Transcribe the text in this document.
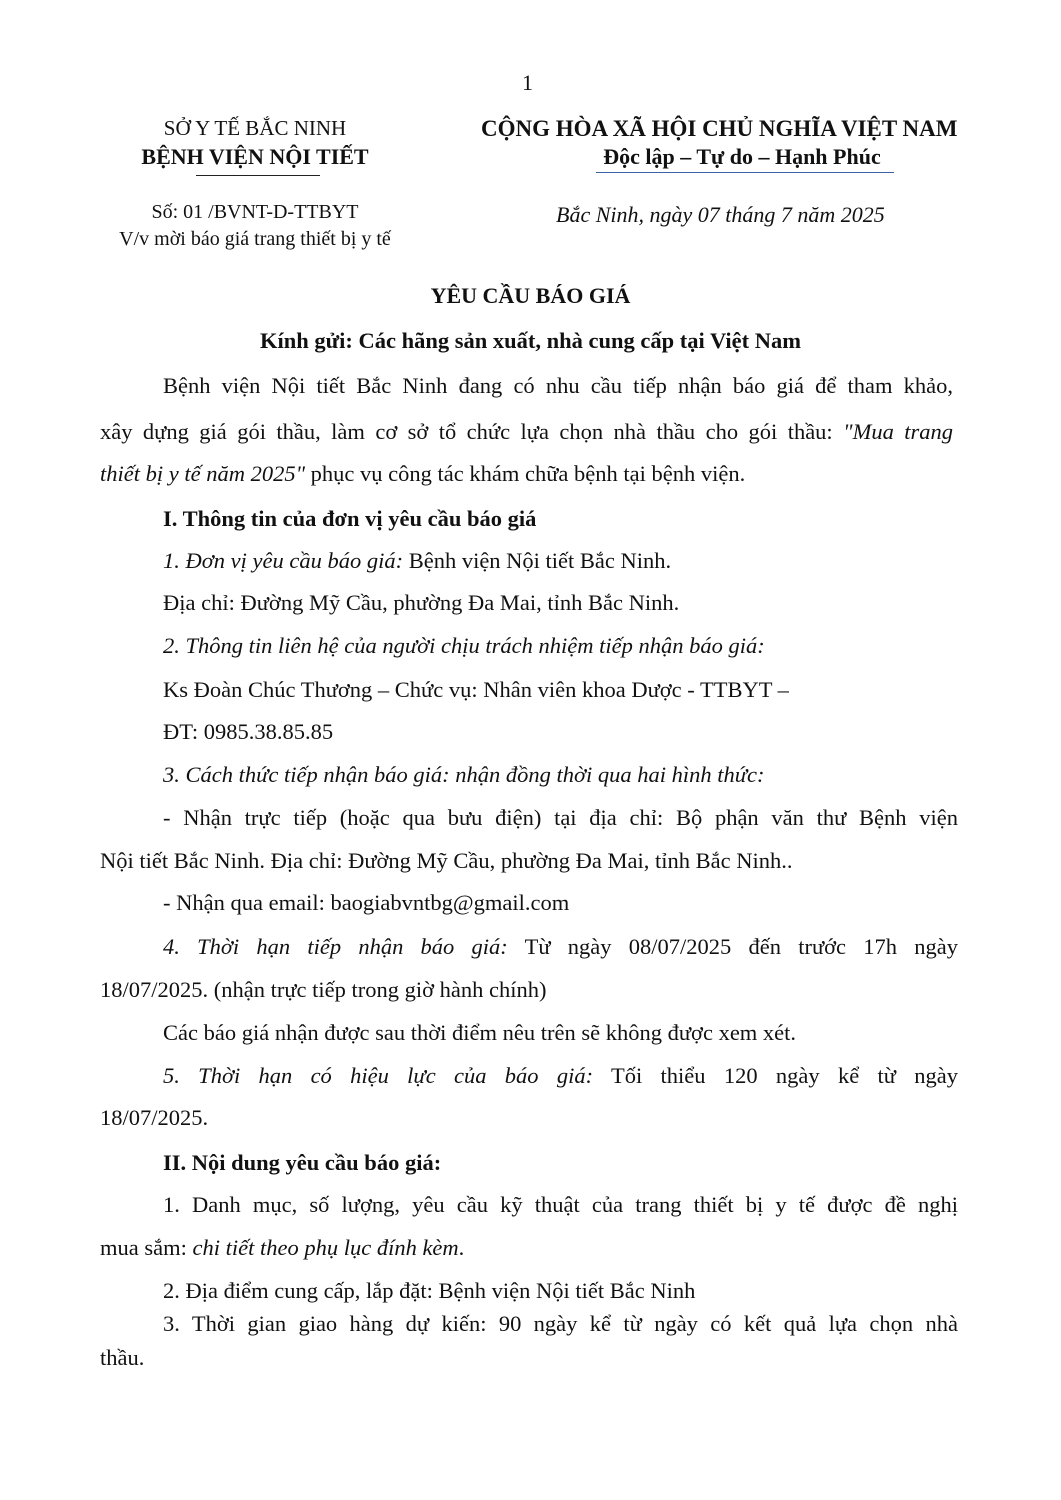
1
SỞ Y TẾ BẮC NINH
BỆNH VIỆN NỘI TIẾT
CỘNG HÒA XÃ HỘI CHỦ NGHĨA VIỆT NAM
Độc lập – Tự do – Hạnh Phúc
Số: 01 /BVNT-D-TTBYT
V/v mời báo giá trang thiết bị y tế
Bắc Ninh, ngày 07 tháng 7 năm 2025
YÊU CẦU BÁO GIÁ
Kính gửi: Các hãng sản xuất, nhà cung cấp tại Việt Nam
Bệnh viện Nội tiết Bắc Ninh đang có nhu cầu tiếp nhận báo giá để tham khảo,
xây dựng giá gói thầu, làm cơ sở tổ chức lựa chọn nhà thầu cho gói thầu: "Mua trang
thiết bị y tế năm 2025" phục vụ công tác khám chữa bệnh tại bệnh viện.
I. Thông tin của đơn vị yêu cầu báo giá
1. Đơn vị yêu cầu báo giá: Bệnh viện Nội tiết Bắc Ninh.
Địa chỉ: Đường Mỹ Cầu, phường Đa Mai, tỉnh Bắc Ninh.
2. Thông tin liên hệ của người chịu trách nhiệm tiếp nhận báo giá:
Ks Đoàn Chúc Thương – Chức vụ: Nhân viên khoa Dược - TTBYT –
ĐT: 0985.38.85.85
3. Cách thức tiếp nhận báo giá: nhận đồng thời qua hai hình thức:
- Nhận trực tiếp (hoặc qua bưu điện) tại địa chỉ: Bộ phận văn thư Bệnh viện
Nội tiết Bắc Ninh. Địa chỉ: Đường Mỹ Cầu, phường Đa Mai, tỉnh Bắc Ninh..
- Nhận qua email: baogiabvntbg@gmail.com
4. Thời hạn tiếp nhận báo giá: Từ ngày 08/07/2025 đến trước 17h ngày
18/07/2025. (nhận trực tiếp trong giờ hành chính)
Các báo giá nhận được sau thời điểm nêu trên sẽ không được xem xét.
5. Thời hạn có hiệu lực của báo giá: Tối thiểu 120 ngày kể từ ngày
18/07/2025.
II. Nội dung yêu cầu báo giá:
1. Danh mục, số lượng, yêu cầu kỹ thuật của trang thiết bị y tế được đề nghị
mua sắm: chi tiết theo phụ lục đính kèm.
2. Địa điểm cung cấp, lắp đặt: Bệnh viện Nội tiết Bắc Ninh
3. Thời gian giao hàng dự kiến: 90 ngày kể từ ngày có kết quả lựa chọn nhà
thầu.
